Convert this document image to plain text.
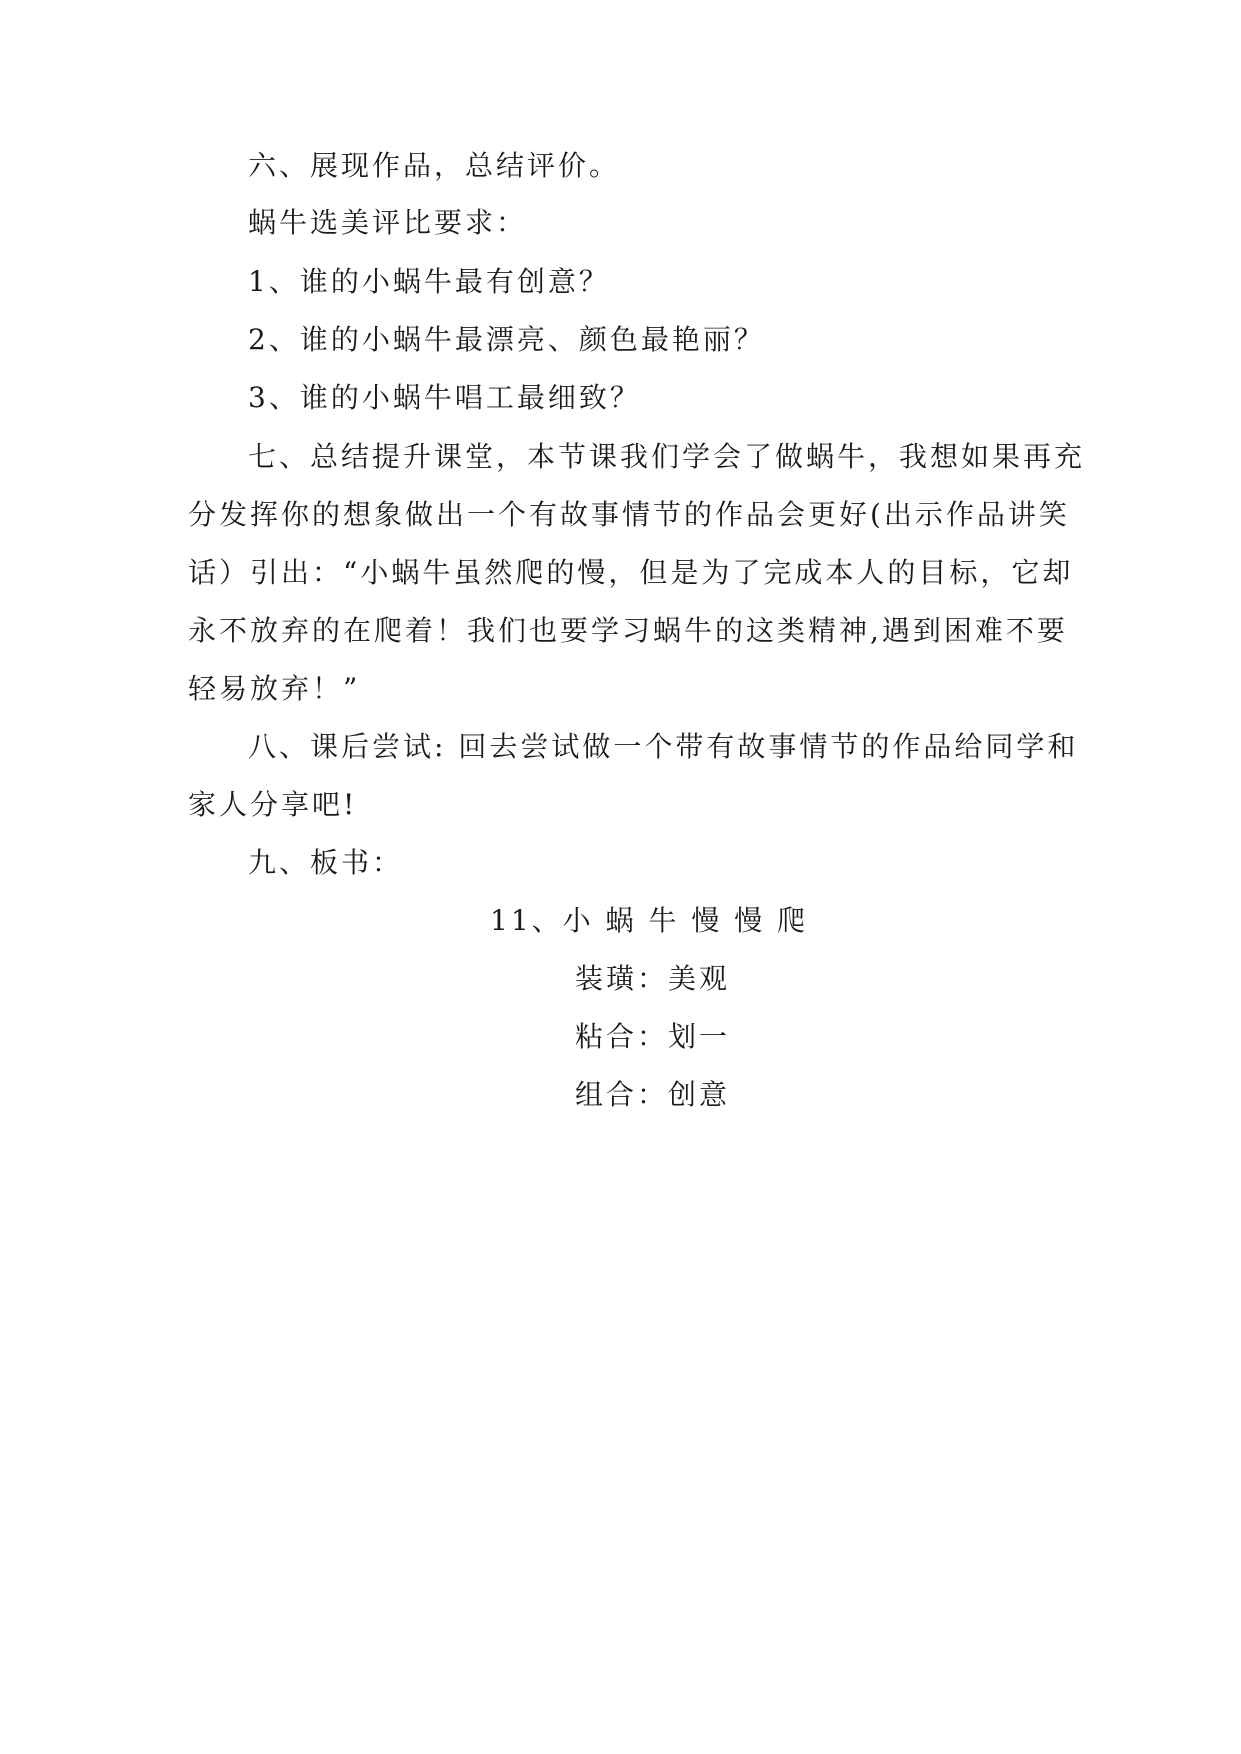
六、展现作品，总结评价。
蜗牛选美评比要求：
1、谁的小蜗牛最有创意？
2、谁的小蜗牛最漂亮、颜色最艳丽？
3、谁的小蜗牛唱工最细致？
七、总结提升课堂，本节课我们学会了做蜗牛，我想如果再充
分发挥你的想象做出一个有故事情节的作品会更好(出示作品讲笑
话）引出：“小蜗牛虽然爬的慢，但是为了完成本人的目标，它却
永不放弃的在爬着！我们也要学习蜗牛的这类精神,遇到困难不要
轻易放弃！”
八、课后尝试: 回去尝试做一个带有故事情节的作品给同学和
家人分享吧!
九、板书：
11、小 蜗 牛 慢 慢 爬
装璜：美观
粘合：划一
组合：创意
